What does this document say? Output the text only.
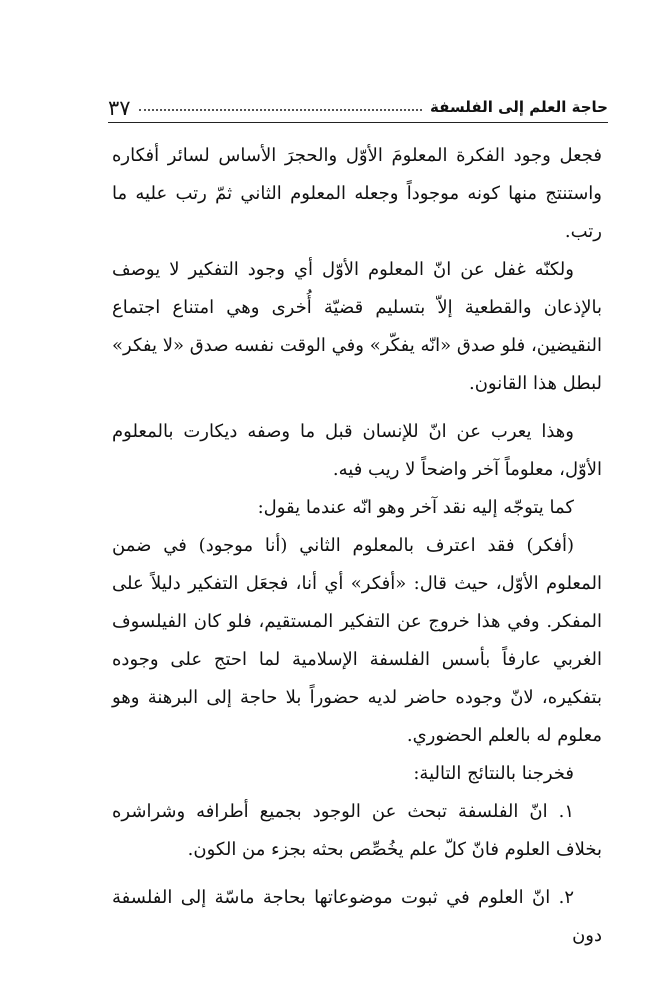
حاجة العلم إلى الفلسفة
٣٧

فجعل وجود الفكرة المعلومَ الأوّل والحجرَ الأساس لسائر أفكاره واستنتج منها كونه موجوداً وجعله المعلوم الثاني ثمّ رتب عليه ما رتب.

ولكنّه غفل عن انّ المعلوم الأوّل أي وجود التفكير لا يوصف بالإذعان والقطعية إلاّ بتسليم قضيّة أُخرى وهي امتناع اجتماع النقيضين، فلو صدق «انّه يفكّر» وفي الوقت نفسه صدق «لا يفكر» لبطل هذا القانون.

وهذا يعرب عن انّ للإنسان قبل ما وصفه ديكارت بالمعلوم الأوّل، معلوماً آخر واضحاً لا ريب فيه.

كما يتوجّه إليه نقد آخر وهو انّه عندما يقول:

(أفكر) فقد اعترف بالمعلوم الثاني (أنا موجود) في ضمن المعلوم الأوّل، حيث قال: «أفكر» أي أنا، فجعَل التفكير دليلاً على المفكر. وفي هذا خروج عن التفكير المستقيم، فلو كان الفيلسوف الغربي عارفاً بأسس الفلسفة الإسلامية لما احتج على وجوده بتفكيره، لانّ وجوده حاضر لديه حضوراً بلا حاجة إلى البرهنة وهو معلوم له بالعلم الحضوري.

فخرجنا بالنتائج التالية:

١. انّ الفلسفة تبحث عن الوجود بجميع أطرافه وشراشره بخلاف العلوم فانّ كلّ علم يخُصِّص بحثه بجزء من الكون.

٢. انّ العلوم في ثبوت موضوعاتها بحاجة ماسّة إلى الفلسفة دون
